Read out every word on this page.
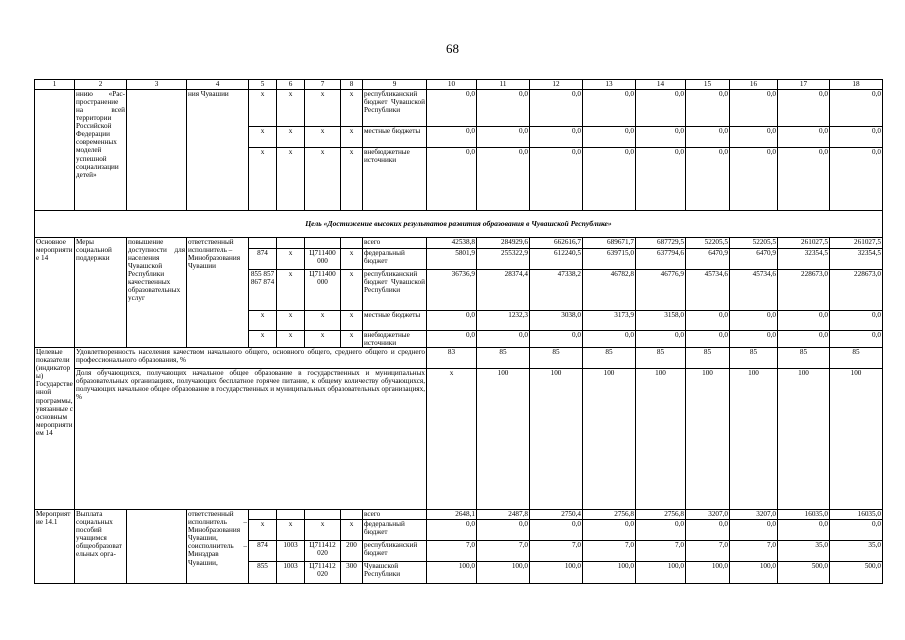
68
1	2	3	4	5	6	7	8	9	10	11	12	13	14	15	16	17	18
	ннию «Рас-пространение на всей территории Российской Федерации современных моделей успешной социализации детей»		ния Чувашии	x	x	x	x	республиканский бюджет Чувашской Республики	0,0	0,0	0,0	0,0	0,0	0,0	0,0	0,0	0,0
				x	x	x	x	местные бюджеты	0,0	0,0	0,0	0,0	0,0	0,0	0,0	0,0	0,0
				x	x	x	x	внебюджетные источники	0,0	0,0	0,0	0,0	0,0	0,0	0,0	0,0	0,0
Цель «Достижение высоких результатов развития образования в Чувашской Республике»																	
Основное мероприятие 14	Меры социальной поддержки	повышение доступности для населения Чувашской Республики качественных образовательных услуг	ответственный исполнитель – Минобразования Чувашии					всего	42538,8	284929,6	662616,7	689671,7	687729,5	52205,5	52205,5	261027,5	261027,5
				874	x	Ц711400 000	x	федеральный бюджет	5801,9	255322,9	612240,5	639715,0	637794,6	6470,9	6470,9	32354,5	32354,5
				855 857 867 874	x	Ц711400 000	x	республиканский бюджет Чувашской Республики	36736,9	28374,4	47338,2	46782,8	46776,9	45734,6	45734,6	228673,0	228673,0
				x	x	x	x	местные бюджеты	0,0	1232,3	3038,0	3173,9	3158,0	0,0	0,0	0,0	0,0
				x	x	x	x	внебюджетные источники	0,0	0,0	0,0	0,0	0,0	0,0	0,0	0,0	0,0
Целевые показатели (индикаторы) Государственной программы, увязанные с основным мероприятием 14	Удовлетворенность населения качеством начального общего, основного общего, среднего общего и среднего профессионального образования, %								83	85	85	85	85	85	85	85	85
	Доля обучающихся, получающих начальное общее образование в государственных и муниципальных образовательных организациях, получающих бесплатное горячее питание, к общему количеству обучающихся, получающих начальное общее образование в государственных и муниципальных образовательных организациях, %								x	100	100	100	100	100	100	100	100
Мероприятие 14.1	Выплата социальных пособий учащимся общеобразовательных орга-		ответственный исполнитель – Минобразования Чувашии, соисполнитель – Минздрав Чувашии,					всего	2648,1	2487,8	2750,4	2756,8	2756,8	3207,0	3207,0	16035,0	16035,0
				x	x	x	x	федеральный бюджет	0,0	0,0	0,0	0,0	0,0	0,0	0,0	0,0	0,0
				874	1003	Ц711412 020	200	республиканский бюджет	7,0	7,0	7,0	7,0	7,0	7,0	7,0	35,0	35,0
				855	1003	Ц711412 020	300	Чувашской Республики	100,0	100,0	100,0	100,0	100,0	100,0	100,0	500,0	500,0
